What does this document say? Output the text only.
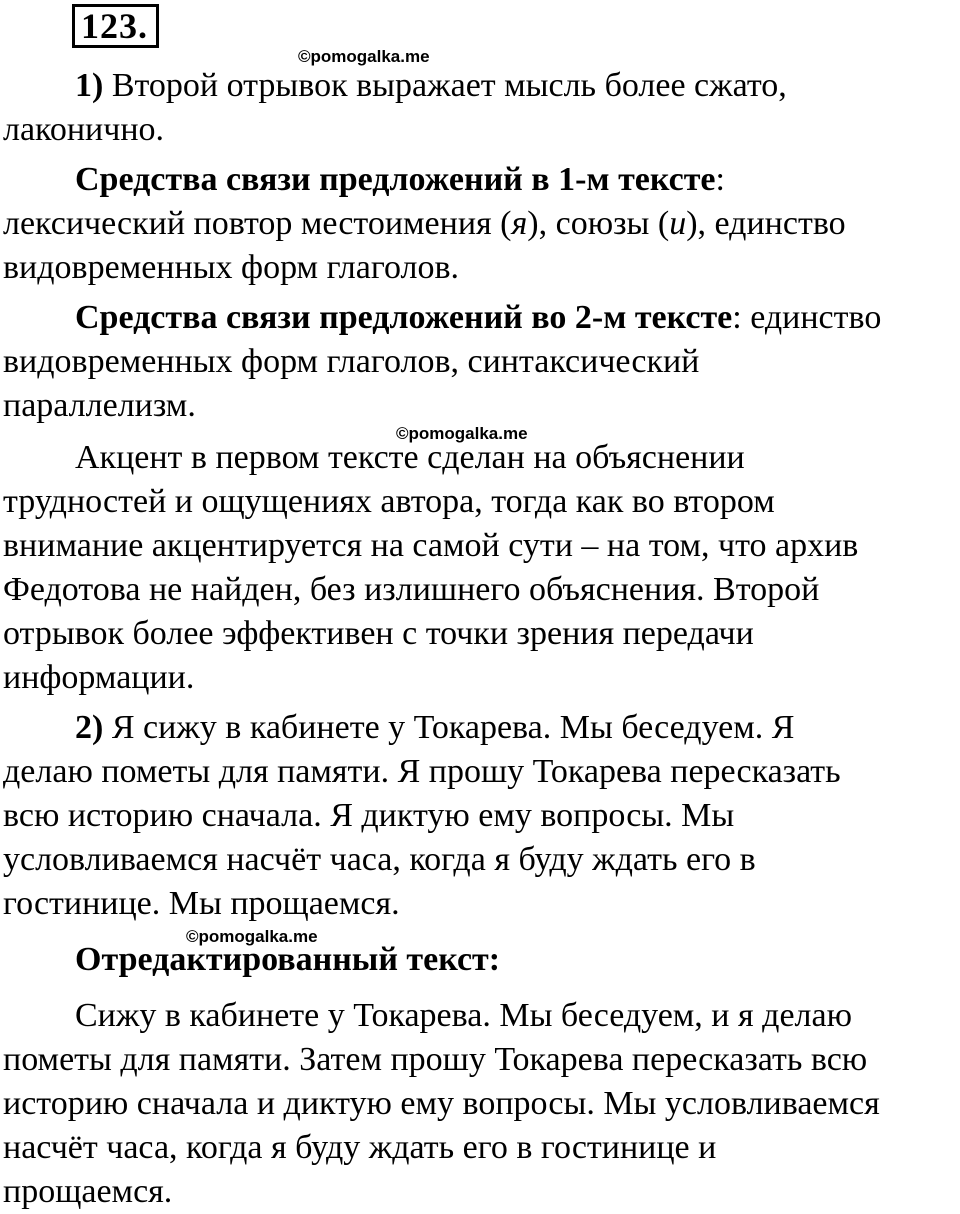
123.
©pomogalka.me

1) Второй отрывок выражает мысль более сжато,
лаконично.

Средства связи предложений в 1-м тексте:
лексический повтор местоимения (я), союзы (и), единство
видовременных форм глаголов.

Средства связи предложений во 2-м тексте: единство
видовременных форм глаголов, синтаксический
параллелизм.

©pomogalka.me

Акцент в первом тексте сделан на объяснении
трудностей и ощущениях автора, тогда как во втором
внимание акцентируется на самой сути – на том, что архив
Федотова не найден, без излишнего объяснения. Второй
отрывок более эффективен с точки зрения передачи
информации.

2) Я сижу в кабинете у Токарева. Мы беседуем. Я
делаю пометы для памяти. Я прошу Токарева пересказать
всю историю сначала. Я диктую ему вопросы. Мы
условливаемся насчёт часа, когда я буду ждать его в
гостинице. Мы прощаемся.

©pomogalka.me

Отредактированный текст:

Сижу в кабинете у Токарева. Мы беседуем, и я делаю
пометы для памяти. Затем прошу Токарева пересказать всю
историю сначала и диктую ему вопросы. Мы условливаемся
насчёт часа, когда я буду ждать его в гостинице и
прощаемся.
